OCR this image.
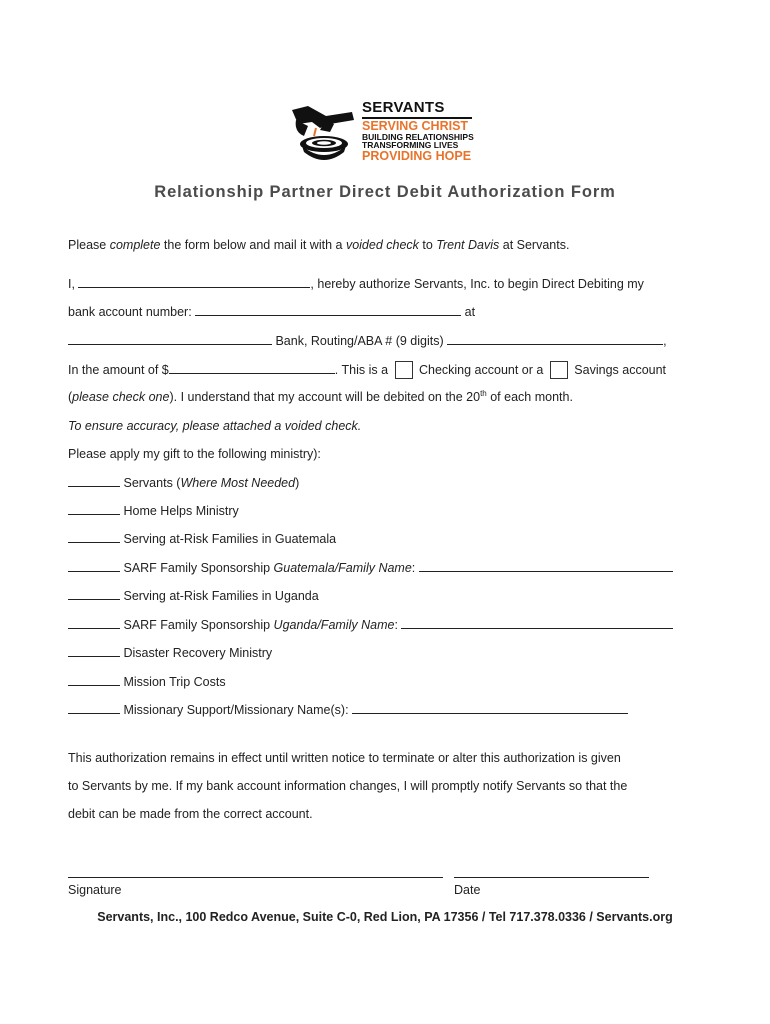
SERVANTS
SERVING CHRIST
BUILDING RELATIONSHIPS
TRANSFORMING LIVES
PROVIDING HOPE
Relationship Partner Direct Debit Authorization Form
Please complete the form below and mail it with a voided check to Trent Davis at Servants.
I,	, hereby authorize Servants, Inc. to begin Direct Debiting my
bank account number:	at
Bank, Routing/ABA # (9 digits)	,
In the amount of $	. This is a  Checking account or a  Savings account
(please check one). I understand that my account will be debited on the 20th of each month.
To ensure accuracy, please attached a voided check.
Please apply my gift to the following ministry):
Servants (Where Most Needed)
Home Helps Ministry
Serving at-Risk Families in Guatemala
SARF Family Sponsorship Guatemala/Family Name:
Serving at-Risk Families in Uganda
SARF Family Sponsorship Uganda/Family Name:
Disaster Recovery Ministry
Mission Trip Costs
Missionary Support/Missionary Name(s):
This authorization remains in effect until written notice to terminate or alter this authorization is given
to Servants by me. If my bank account information changes, I will promptly notify Servants so that the
debit can be made from the correct account.
Signature	Date
Servants, Inc., 100 Redco Avenue, Suite C-0, Red Lion, PA 17356 / Tel 717.378.0336 / Servants.org
